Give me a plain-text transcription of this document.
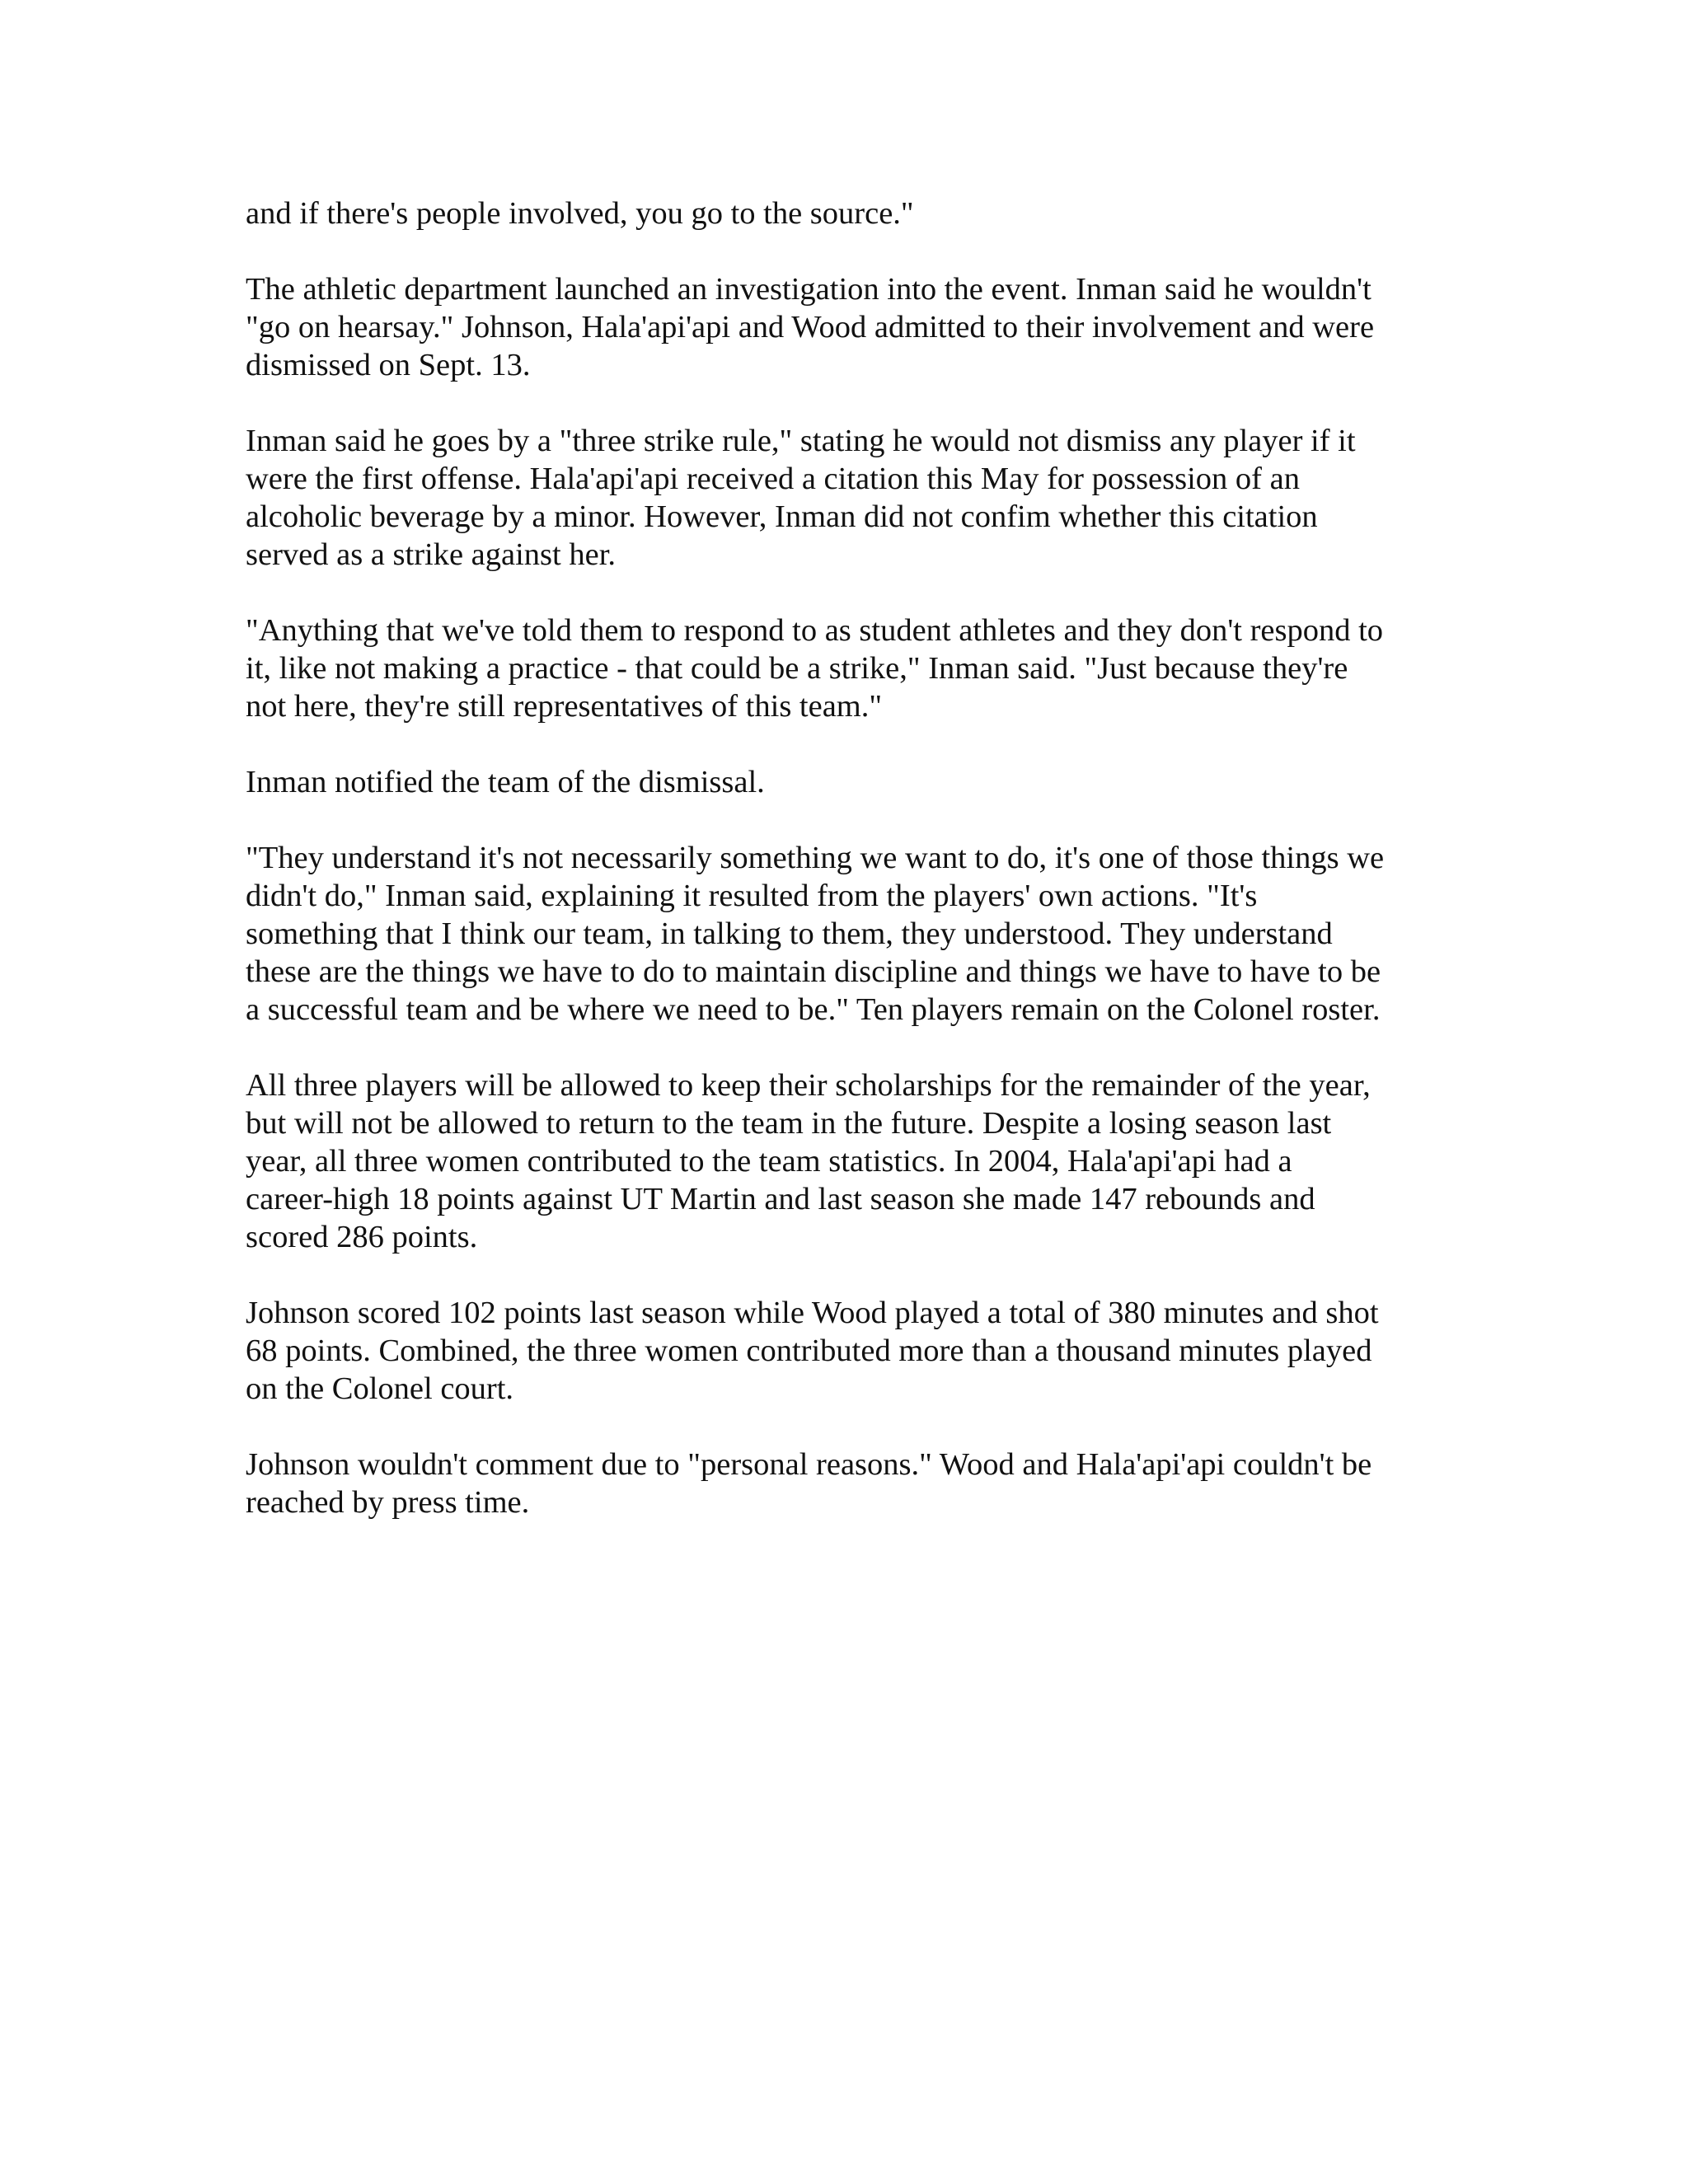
and if there's people involved, you go to the source."

The athletic department launched an investigation into the event. Inman said he wouldn't
"go on hearsay." Johnson, Hala'api'api and Wood admitted to their involvement and were
dismissed on Sept. 13.

Inman said he goes by a "three strike rule," stating he would not dismiss any player if it
were the first offense. Hala'api'api received a citation this May for possession of an
alcoholic beverage by a minor. However, Inman did not confim whether this citation
served as a strike against her.

"Anything that we've told them to respond to as student athletes and they don't respond to
it, like not making a practice - that could be a strike," Inman said. "Just because they're
not here, they're still representatives of this team."

Inman notified the team of the dismissal.

"They understand it's not necessarily something we want to do, it's one of those things we
didn't do," Inman said, explaining it resulted from the players' own actions. "It's
something that I think our team, in talking to them, they understood. They understand
these are the things we have to do to maintain discipline and things we have to have to be
a successful team and be where we need to be." Ten players remain on the Colonel roster.

All three players will be allowed to keep their scholarships for the remainder of the year,
but will not be allowed to return to the team in the future. Despite a losing season last
year, all three women contributed to the team statistics. In 2004, Hala'api'api had a
career-high 18 points against UT Martin and last season she made 147 rebounds and
scored 286 points.

Johnson scored 102 points last season while Wood played a total of 380 minutes and shot
68 points. Combined, the three women contributed more than a thousand minutes played
on the Colonel court.

Johnson wouldn't comment due to "personal reasons." Wood and Hala'api'api couldn't be
reached by press time.
